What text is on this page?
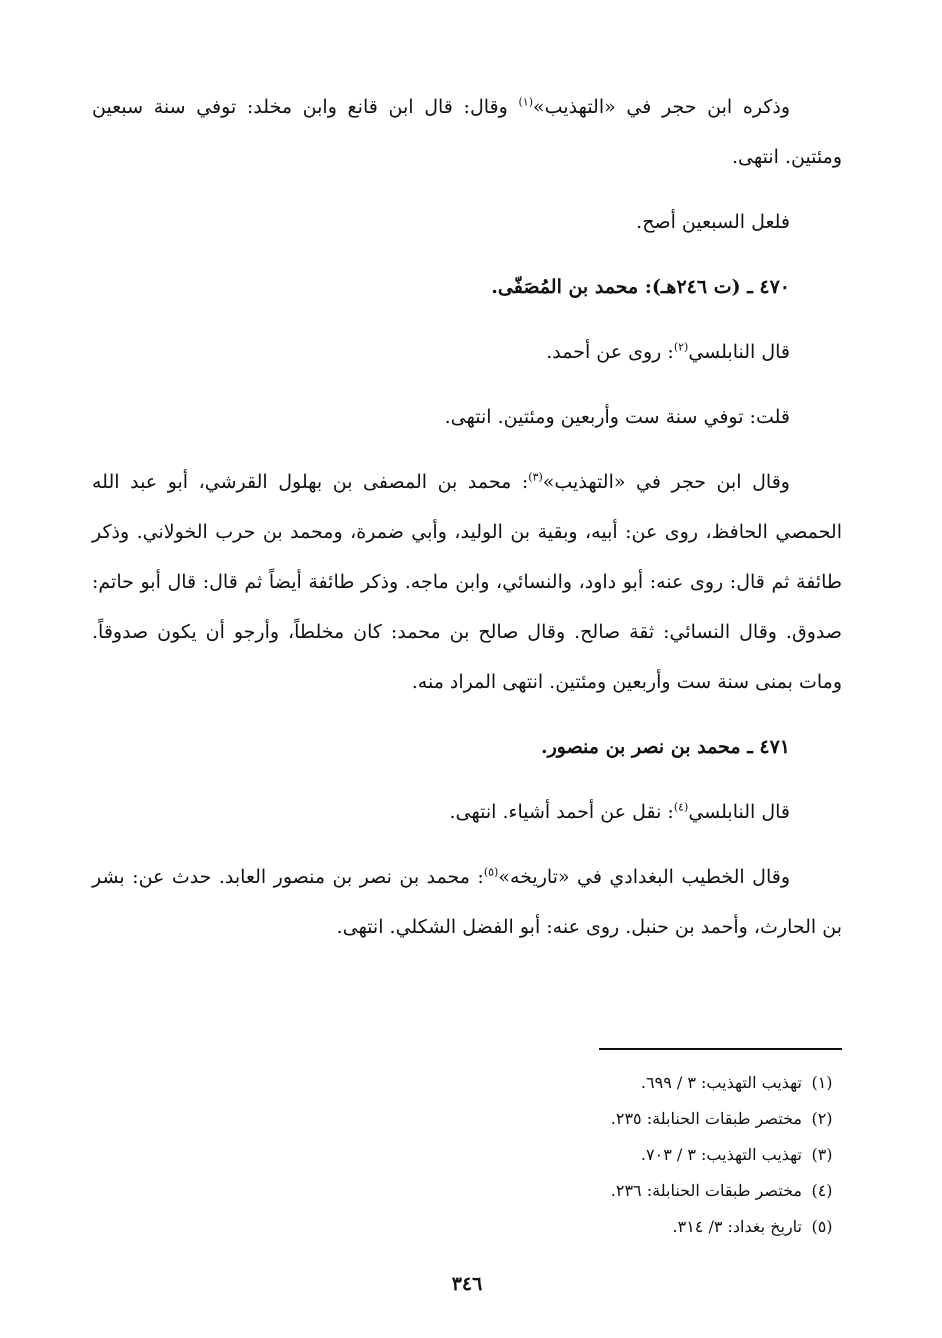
وذكره ابن حجر في «التهذيب»$^{(١)}$ وقال: قال ابن قانع وابن مخلد: توفي سنة سبعين ومئتين. انتهى.

فلعل السبعين أصح.

٤٧٠ ـ (ت ٢٤٦هـ): محمد بن المُصَفّى.

قال النابلسي$^{(٢)}$: روى عن أحمد.

قلت: توفي سنة ست وأربعين ومئتين. انتهى.

وقال ابن حجر في «التهذيب»$^{(٣)}$: محمد بن المصفى بن بهلول القرشي، أبو عبد الله الحمصي الحافظ، روى عن: أبيه، وبقية بن الوليد، وأبي ضمرة، ومحمد بن حرب الخولاني. وذكر طائفة ثم قال: روى عنه: أبو داود، والنسائي، وابن ماجه. وذكر طائفة أيضاً ثم قال: قال أبو حاتم: صدوق. وقال النسائي: ثقة صالح. وقال صالح بن محمد: كان مخلطاً، وأرجو أن يكون صدوقاً. ومات بمنى سنة ست وأربعين ومئتين. انتهى المراد منه.

٤٧١ ـ محمد بن نصر بن منصور.

قال النابلسي$^{(٤)}$: نقل عن أحمد أشياء. انتهى.

وقال الخطيب البغدادي في «تاريخه»$^{(٥)}$: محمد بن نصر بن منصور العابد. حدث عن: بشر بن الحارث، وأحمد بن حنبل. روى عنه: أبو الفضل الشكلي. انتهى.

(١)تهذيب التهذيب: ٣ / ٦٩٩.
(٢)مختصر طبقات الحنابلة: ٢٣٥.
(٣)تهذيب التهذيب: ٣ / ٧٠٣.
(٤)مختصر طبقات الحنابلة: ٢٣٦.
(٥)تاريخ بغداد: ٣/ ٣١٤.
٣٤٦
